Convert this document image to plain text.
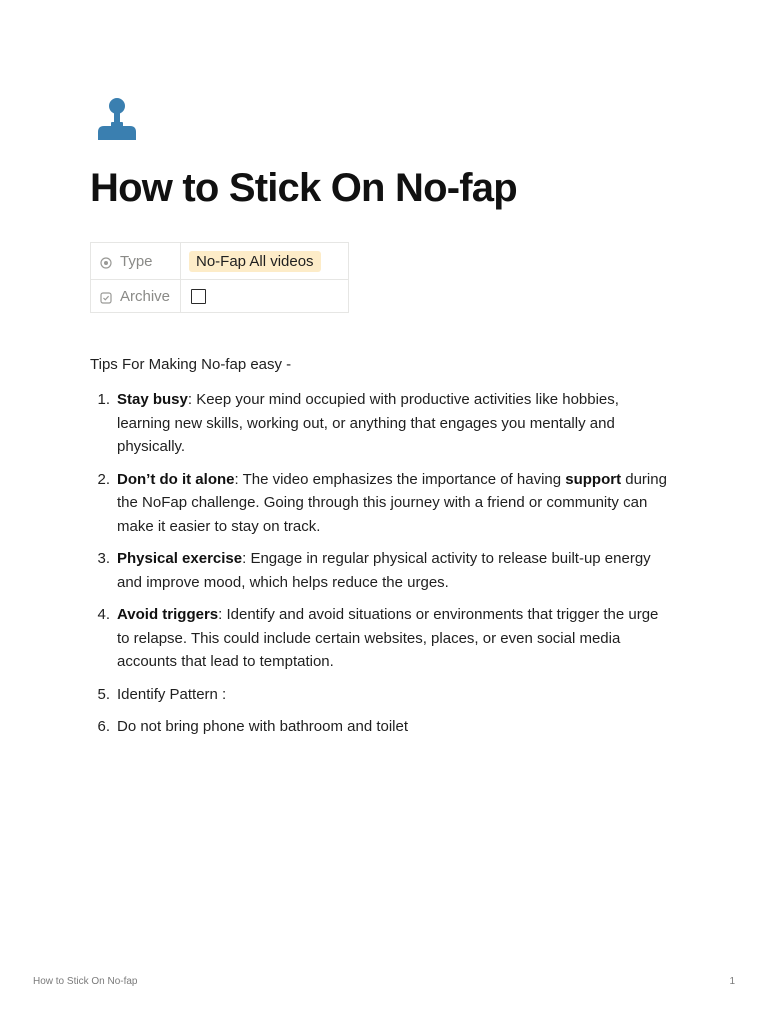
How to Stick On No-fap
Type	No-Fap All videos
Archive

Tips For Making No-fap easy -

1. Stay busy: Keep your mind occupied with productive activities like hobbies, learning new skills, working out, or anything that engages you mentally and physically.
2. Don’t do it alone: The video emphasizes the importance of having support during the NoFap challenge. Going through this journey with a friend or community can make it easier to stay on track.
3. Physical exercise: Engage in regular physical activity to release built-up energy and improve mood, which helps reduce the urges.
4. Avoid triggers: Identify and avoid situations or environments that trigger the urge to relapse. This could include certain websites, places, or even social media accounts that lead to temptation.
5. Identify Pattern :
6. Do not bring phone with bathroom and toilet
How to Stick On No-fap	1
